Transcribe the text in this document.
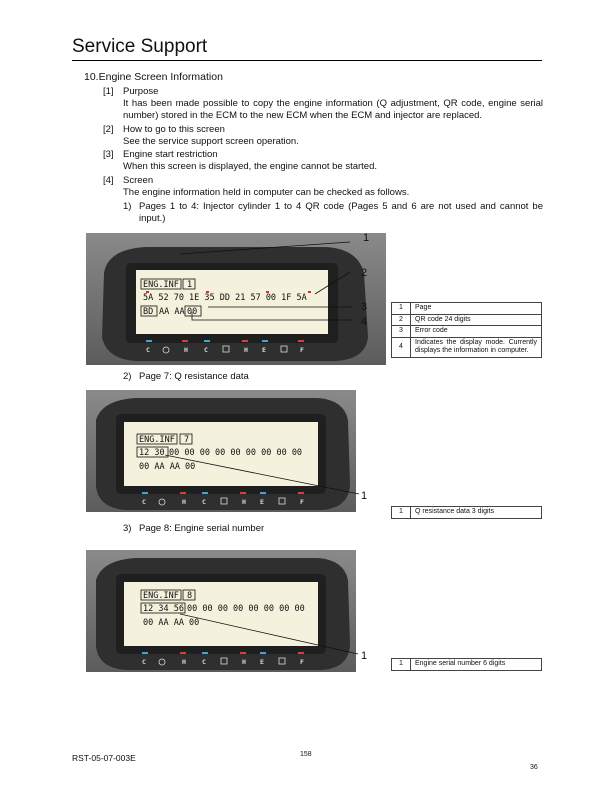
Service Support
10.Engine Screen Information
[1] Purpose
It has been made possible to copy the engine information (Q adjustment, QR code, engine serial number) stored in the ECM to the new ECM when the ECM and injector are replaced.
[2] How to go to this screen
See the service support screen operation.
[3] Engine start restriction
When this screen is displayed, the engine cannot be started.
[4] Screen
The engine information held in computer can be checked as follows.
1) Pages 1 to 4: Injector cylinder 1 to 4 QR code (Pages 5 and 6 are not used and cannot be input.)
ENG.INF 1
5A 52 70 1E 35 DD 21 57 00 1F 5A
BD AA AA 00
C	H C	H E	F
1
2
3
4
1	Page
2	QR code 24 digits
3	Error code
4	Indicates the display mode. Currently displays the information in computer.
2) Page 7: Q resistance data
ENG.INF 7
12 30 00 00 00 00 00 00 00 00 00
00 AA AA 00
C	H C	H E	F	1
1	Q resistance data 3 digits
3) Page 8: Engine serial number
ENG.INF 8
12 34 56 00 00 00 00 00 00 00 00
00 AA AA 00
C	H C	H E	F	1
1	Engine serial number 6 digits
RST-05-07-003E	158
36
